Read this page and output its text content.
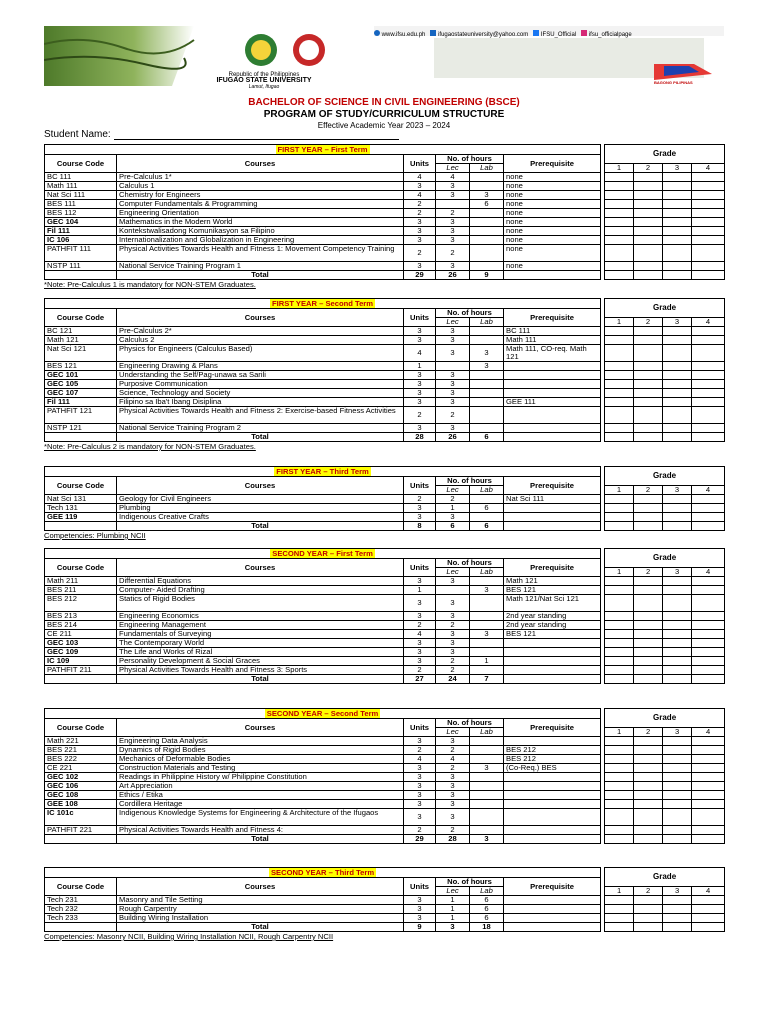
www.ifsu.edu.ph ifugaostateuniversity@yahoo.com IFSU_Official ifsu_officialpage
Republic of the Philippines
IFUGAO STATE UNIVERSITY
Lamut, Ifugao
BAGONG PILIPINAS
BACHELOR OF SCIENCE IN CIVIL ENGINEERING (BSCE)
PROGRAM OF STUDY/CURRICULUM STRUCTURE
Effective Academic Year 2023 – 2024
Student Name:
FIRST YEAR – First Term							Grade			
Course Code	Courses	Units	No. of hours		Prerequisite					
			Lec	Lab			1	2	3	4
BC 111	Pre-Calculus 1*	4	4		none					
Math 111	Calculus 1	3	3		none					
Nat Sci 111	Chemistry for Engineers	4	3	3	none					
BES 111	Computer Fundamentals & Programming	2		6	none					
BES 112	Engineering Orientation	2	2		none					
GEC 104	Mathematics in the Modern World	3	3		none					
Fil 111	Kontekstwalisadong Komunikasyon sa Filipino	3	3		none					
IC 106	Internationalization and Globalization in Engineering	3	3		none					
PATHFIT 111	Physical Activities Towards Health and Fitness 1: Movement Competency Training	2	2		none					
NSTP 111	National Service Training Program 1	3	3		none					
	Total	29	26	9						
*Note: Pre-Calculus 1 is mandatory for NON-STEM Graduates.
FIRST YEAR – Second Term							Grade			
Course Code	Courses	Units	No. of hours		Prerequisite					
			Lec	Lab			1	2	3	4
BC 121	Pre-Calculus 2*	3	3		BC 111					
Math 121	Calculus 2	3	3		Math 111					
Nat Sci 121	Physics for Engineers (Calculus Based)	4	3	3	Math 111, CO-req. Math 121					
BES 121	Engineering Drawing & Plans	1		3						
GEC 101	Understanding the Self/Pag-unawa sa Sarili	3	3							
GEC 105	Purposive Communication	3	3							
GEC 107	Science, Technology and Society	3	3							
Fil 111	Filipino sa Iba't Ibang Disiplina	3	3		GEE 111					
PATHFIT 121	Physical Activities Towards Health and Fitness 2: Exercise-based Fitness Activities	2	2							
NSTP 121	National Service Training Program 2	3	3							
	Total	28	26	6						
*Note: Pre-Calculus 2 is mandatory for NON-STEM Graduates.
FIRST YEAR – Third Term							Grade			
Course Code	Courses	Units	No. of hours		Prerequisite					
			Lec	Lab			1	2	3	4
Nat Sci 131	Geology for Civil Engineers	2	2		Nat Sci 111					
Tech 131	Plumbing	3	1	6						
GEE 119	Indigenous Creative Crafts	3	3							
	Total	8	6	6						
Competencies: Plumbing NCII
SECOND YEAR – First Term							Grade			
Course Code	Courses	Units	No. of hours		Prerequisite					
			Lec	Lab			1	2	3	4
Math 211	Differential Equations	3	3		Math 121					
BES 211	Computer- Aided Drafting	1		3	BES 121					
BES 212	Statics of Rigid Bodies	3	3		Math 121/Nat Sci 121					
BES 213	Engineering Economics	3	3		2nd year standing					
BES 214	Engineering Management	2	2		2nd year standing					
CE 211	Fundamentals of Surveying	4	3	3	BES 121					
GEC 103	The Contemporary World	3	3							
GEC 109	The Life and Works of Rizal	3	3							
IC 109	Personality Development & Social Graces	3	2	1						
PATHFIT 211	Physical Activities Towards Health and Fitness 3: Sports	2	2							
	Total	27	24	7						
SECOND YEAR – Second Term							Grade			
Course Code	Courses	Units	No. of hours		Prerequisite					
			Lec	Lab			1	2	3	4
Math 221	Engineering Data Analysis	3	3							
BES 221	Dynamics of Rigid Bodies	2	2		BES 212					
BES 222	Mechanics of Deformable Bodies	4	4		BES 212					
CE 221	Construction Materials and Testing	3	2	3	(Co-Req.) BES					
GEC 102	Readings in Philippine History w/ Philippine Constitution	3	3							
GEC 106	Art Appreciation	3	3							
GEC 108	Ethics / Etika	3	3							
GEE 108	Cordillera Heritage	3	3							
IC 101c	Indigenous Knowledge Systems for Engineering & Architecture of the Ifugaos	3	3							
PATHFIT 221	Physical Activities Towards Health and Fitness 4:	2	2							
	Total	29	28	3						
SECOND YEAR – Third Term							Grade			
Course Code	Courses	Units	No. of hours		Prerequisite					
			Lec	Lab			1	2	3	4
Tech 231	Masonry and Tile Setting	3	1	6						
Tech 232	Rough Carpentry	3	1	6						
Tech 233	Building Wiring Installation	3	1	6						
	Total	9	3	18						
Competencies: Masonry NCII, Building Wiring Installation NCII, Rough Carpentry NCII
